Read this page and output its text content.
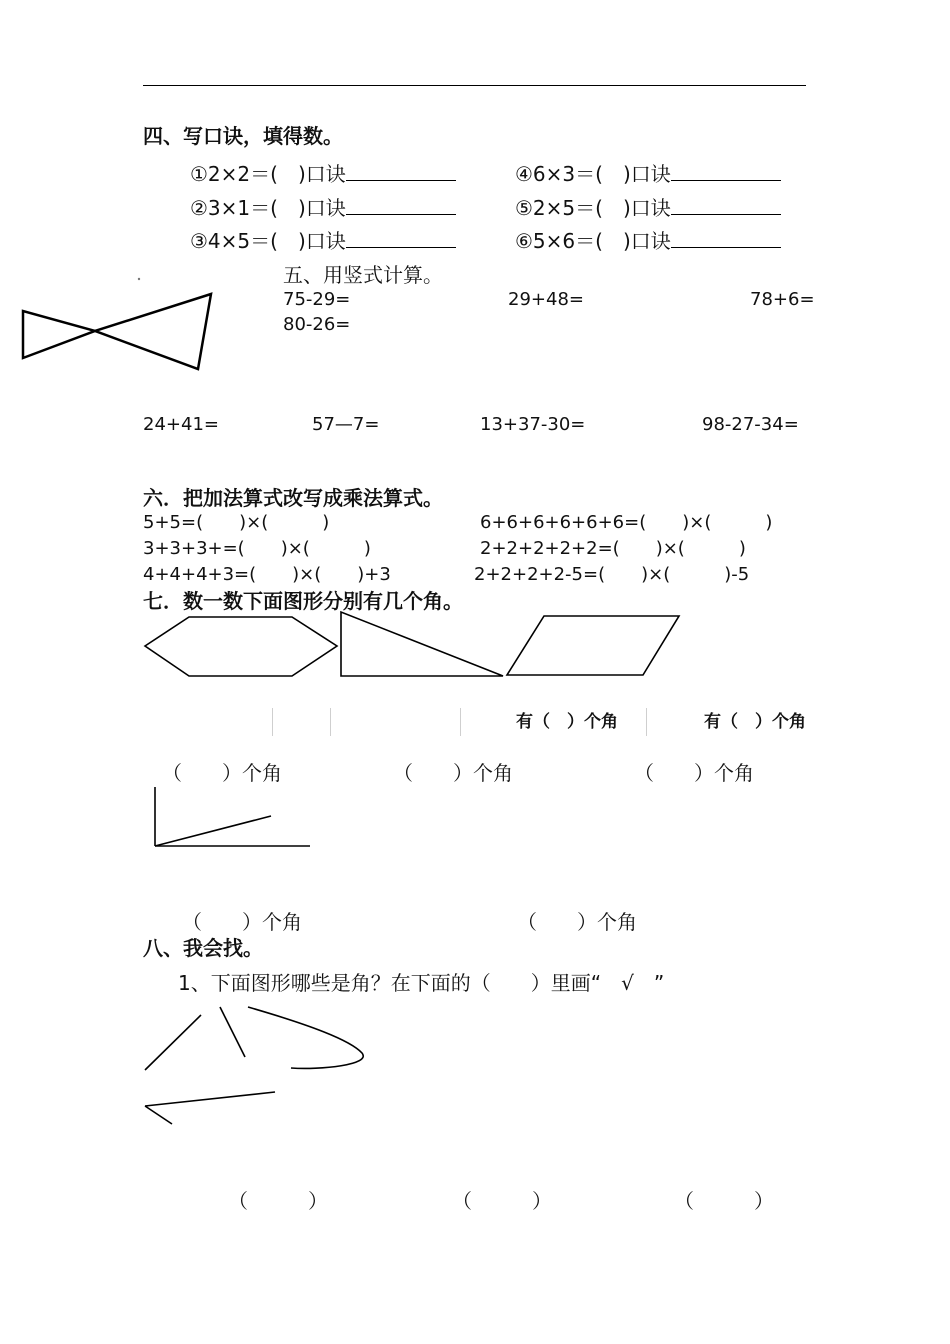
四、写口诀，填得数。
①2×2＝(　)口诀	④6×3＝(　)口诀
②3×1＝(　)口诀	⑤2×5＝(　)口诀
③4×5＝(　)口诀	⑥5×6＝(　)口诀
五、用竖式计算。
75-29=	29+48=	78+6=
80-26=
24+41=	57—7=	13+37-30=	98-27-34=
六．把加法算式改写成乘法算式。
5+5=(　　)×(　　　)	6+6+6+6+6+6=(　　)×(　　　)
3+3+3+=(　　)×(　　　)	2+2+2+2+2=(　　)×(　　　)
4+4+4+3=(　　)×(　　)+3	2+2+2+2-5=(　　)×(　　　)-5
七．数一数下面图形分别有几个角。
有（　）个角	有（　）个角
（　　）个角	（　　）个角	（　　）个角
（　　）个角	（　　）个角
八、我会找。
1、下面图形哪些是角？在下面的（　　）里画“　√　”
（　　　）	（　　　）	（　　　）
